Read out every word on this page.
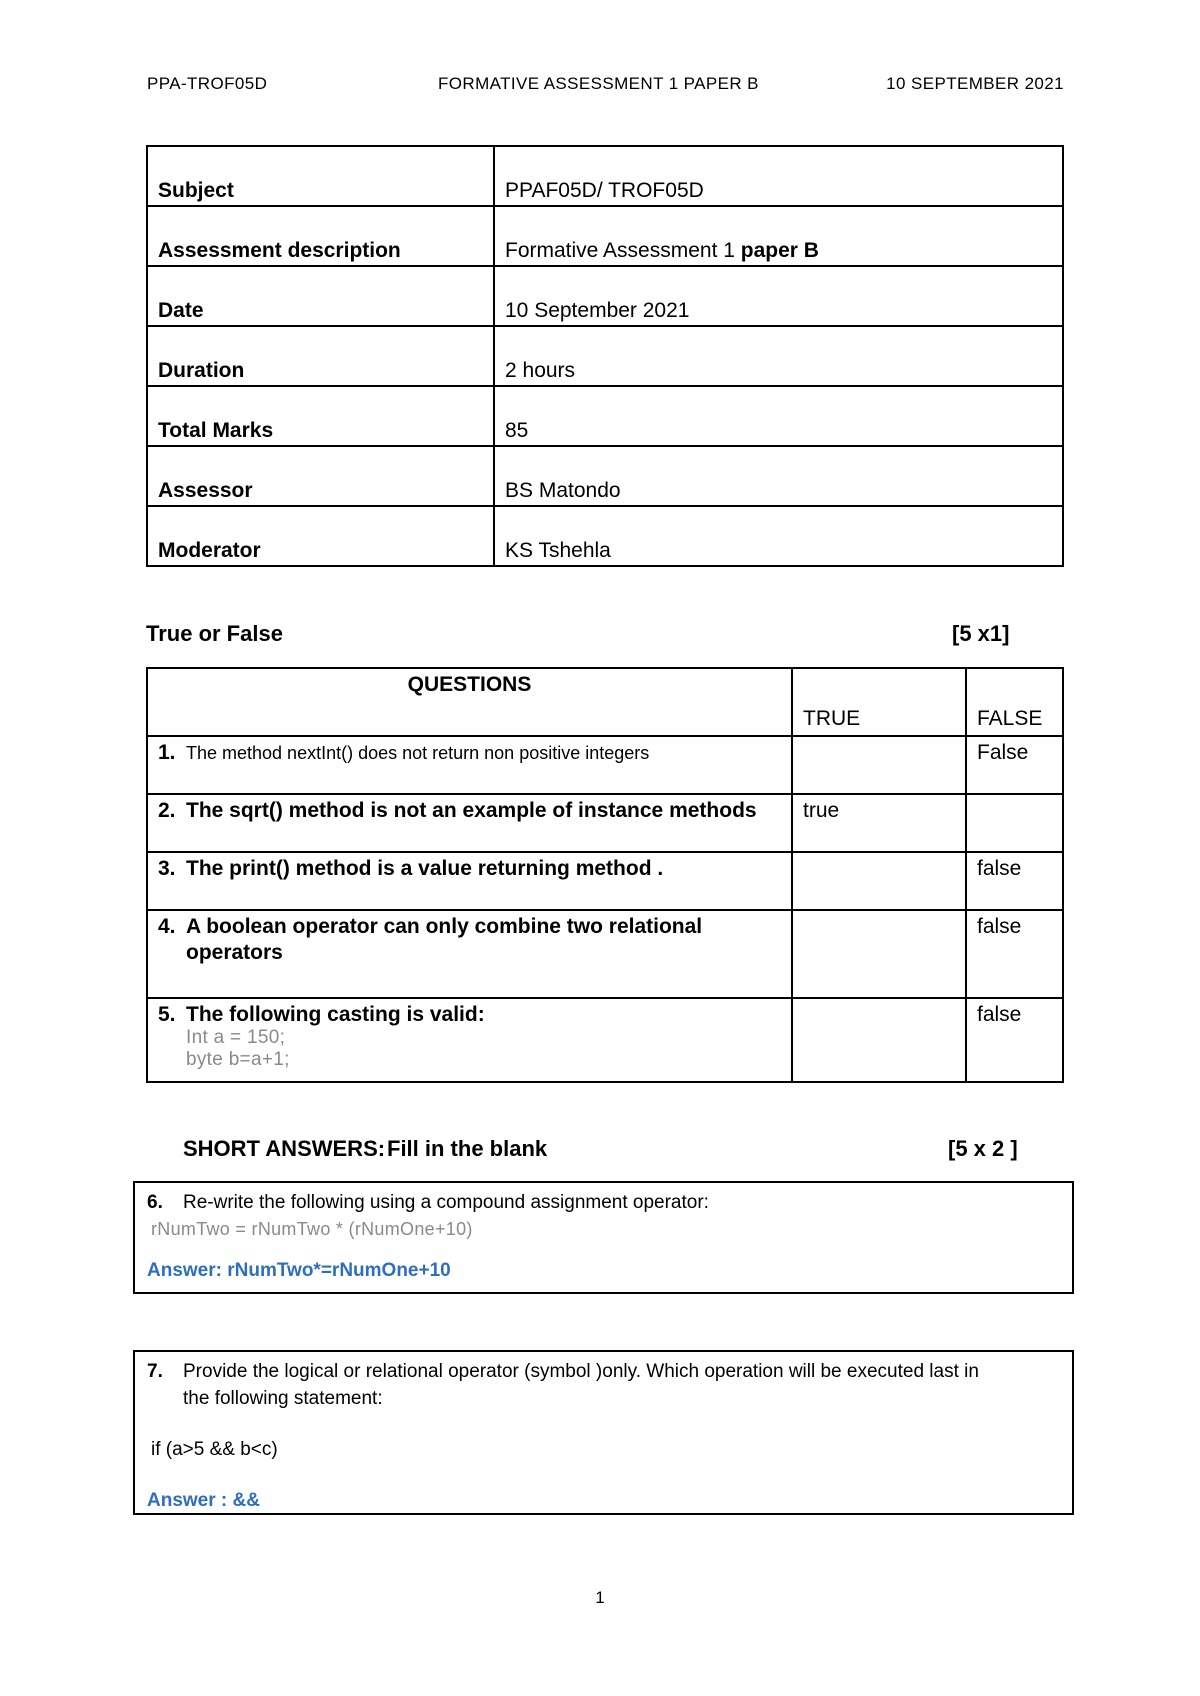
PPA-TROF05D	FORMATIVE ASSESSMENT 1 PAPER B	10 SEPTEMBER 2021
Subject	PPAF05D/ TROF05D
Assessment description	Formative Assessment 1 paper B
Date	10 September 2021
Duration	2 hours
Total Marks	85
Assessor	BS Matondo
Moderator	KS Tshehla
True or False	[5 x1]
QUESTIONS	TRUE	FALSE
1. The method nextInt() does not return non positive integers		False
2. The sqrt() method is not an example of instance methods	true	
3. The print() method is a value returning method .		false
4. A boolean operator can only combine two relational
operators		false
5. The following casting is valid:
Int a = 150;
byte b=a+1;		false
SHORT ANSWERS: Fill in the blank	[5 x 2 ]
6. Re-write the following using a compound assignment operator:
rNumTwo = rNumTwo * (rNumOne+10)
Answer: rNumTwo*=rNumOne+10
7. Provide the logical or relational operator (symbol )only. Which operation will be executed last in
the following statement:
if (a>5 && b<c)
Answer : &&
1
